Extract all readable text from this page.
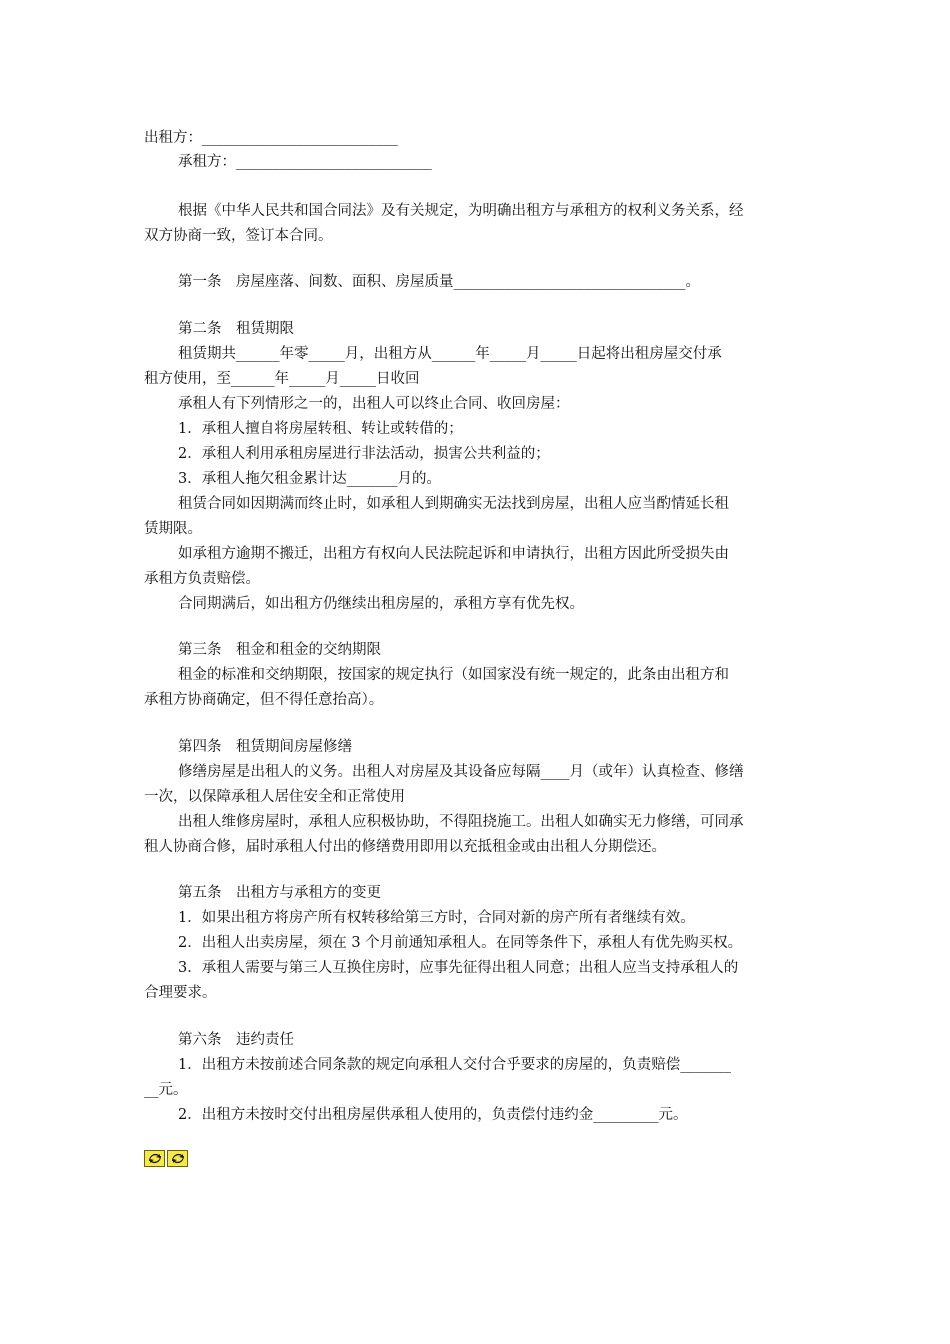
出租方：___________________________
承租方：___________________________
根据《中华人民共和国合同法》及有关规定，为明确出租方与承租方的权利义务关系，经
双方协商一致，签订本合同。
第一条　房屋座落、间数、面积、房屋质量________________________________。
第二条　租赁期限
租赁期共______年零_____月，出租方从______年_____月_____日起将出租房屋交付承
租方使用，至______年_____月_____日收回
承租人有下列情形之一的，出租人可以终止合同、收回房屋：
1．承租人擅自将房屋转租、转让或转借的；
2．承租人利用承租房屋进行非法活动，损害公共利益的；
3．承租人拖欠租金累计达_______月的。
租赁合同如因期满而终止时，如承租人到期确实无法找到房屋，出租人应当酌情延长租
赁期限。
如承租方逾期不搬迁，出租方有权向人民法院起诉和申请执行，出租方因此所受损失由
承租方负责赔偿。
合同期满后，如出租方仍继续出租房屋的，承租方享有优先权。
第三条　租金和租金的交纳期限
租金的标准和交纳期限，按国家的规定执行（如国家没有统一规定的，此条由出租方和
承租方协商确定，但不得任意抬高）。
第四条　租赁期间房屋修缮
修缮房屋是出租人的义务。出租人对房屋及其设备应每隔____月（或年）认真检查、修缮
一次，以保障承租人居住安全和正常使用
出租人维修房屋时，承租人应积极协助，不得阻挠施工。出租人如确实无力修缮，可同承
租人协商合修，届时承租人付出的修缮费用即用以充抵租金或由出租人分期偿还。
第五条　出租方与承租方的变更
1．如果出租方将房产所有权转移给第三方时，合同对新的房产所有者继续有效。
2．出租人出卖房屋，须在 3 个月前通知承租人。在同等条件下，承租人有优先购买权。
3．承租人需要与第三人互换住房时，应事先征得出租人同意；出租人应当支持承租人的
合理要求。
第六条　违约责任
1．出租方未按前述合同条款的规定向承租人交付合乎要求的房屋的，负责赔偿_______
__元。
2．出租方未按时交付出租房屋供承租人使用的，负责偿付违约金_________元。
